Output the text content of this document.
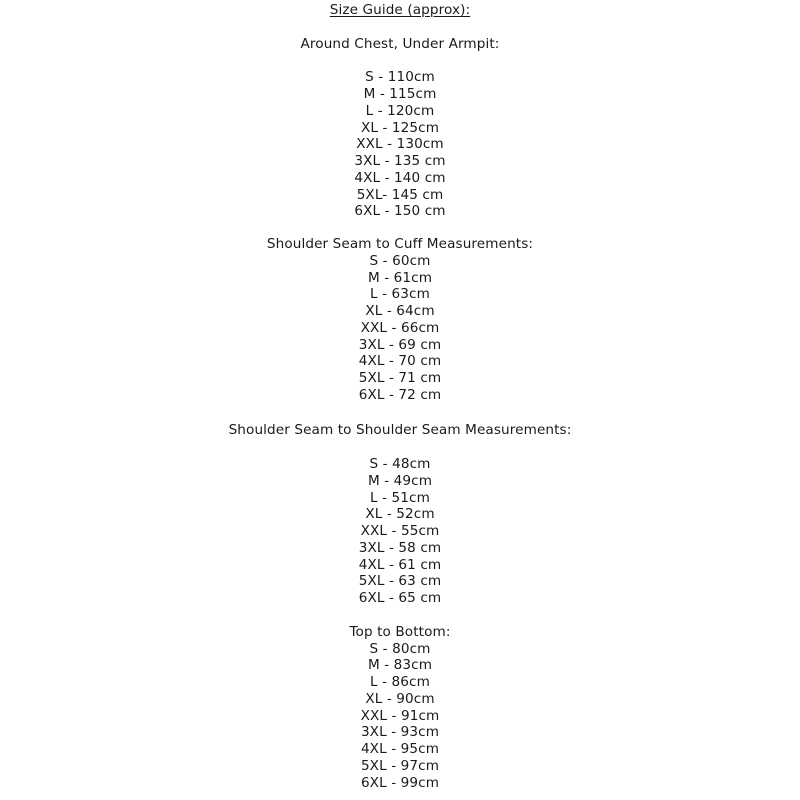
Size Guide (approx):
Around Chest, Under Armpit:
S - 110cm
M - 115cm
L - 120cm
XL - 125cm
XXL - 130cm
3XL - 135 cm
4XL - 140 cm
5XL- 145 cm
6XL - 150 cm
Shoulder Seam to Cuff Measurements:
S - 60cm
M - 61cm
L - 63cm
XL - 64cm
XXL - 66cm
3XL - 69 cm
4XL - 70 cm
5XL - 71 cm
6XL - 72 cm
Shoulder Seam to Shoulder Seam Measurements:
S - 48cm
M - 49cm
L - 51cm
XL - 52cm
XXL - 55cm
3XL - 58 cm
4XL - 61 cm
5XL - 63 cm
6XL - 65 cm
Top to Bottom:
S - 80cm
M - 83cm
L - 86cm
XL - 90cm
XXL - 91cm
3XL - 93cm
4XL - 95cm
5XL - 97cm
6XL - 99cm
